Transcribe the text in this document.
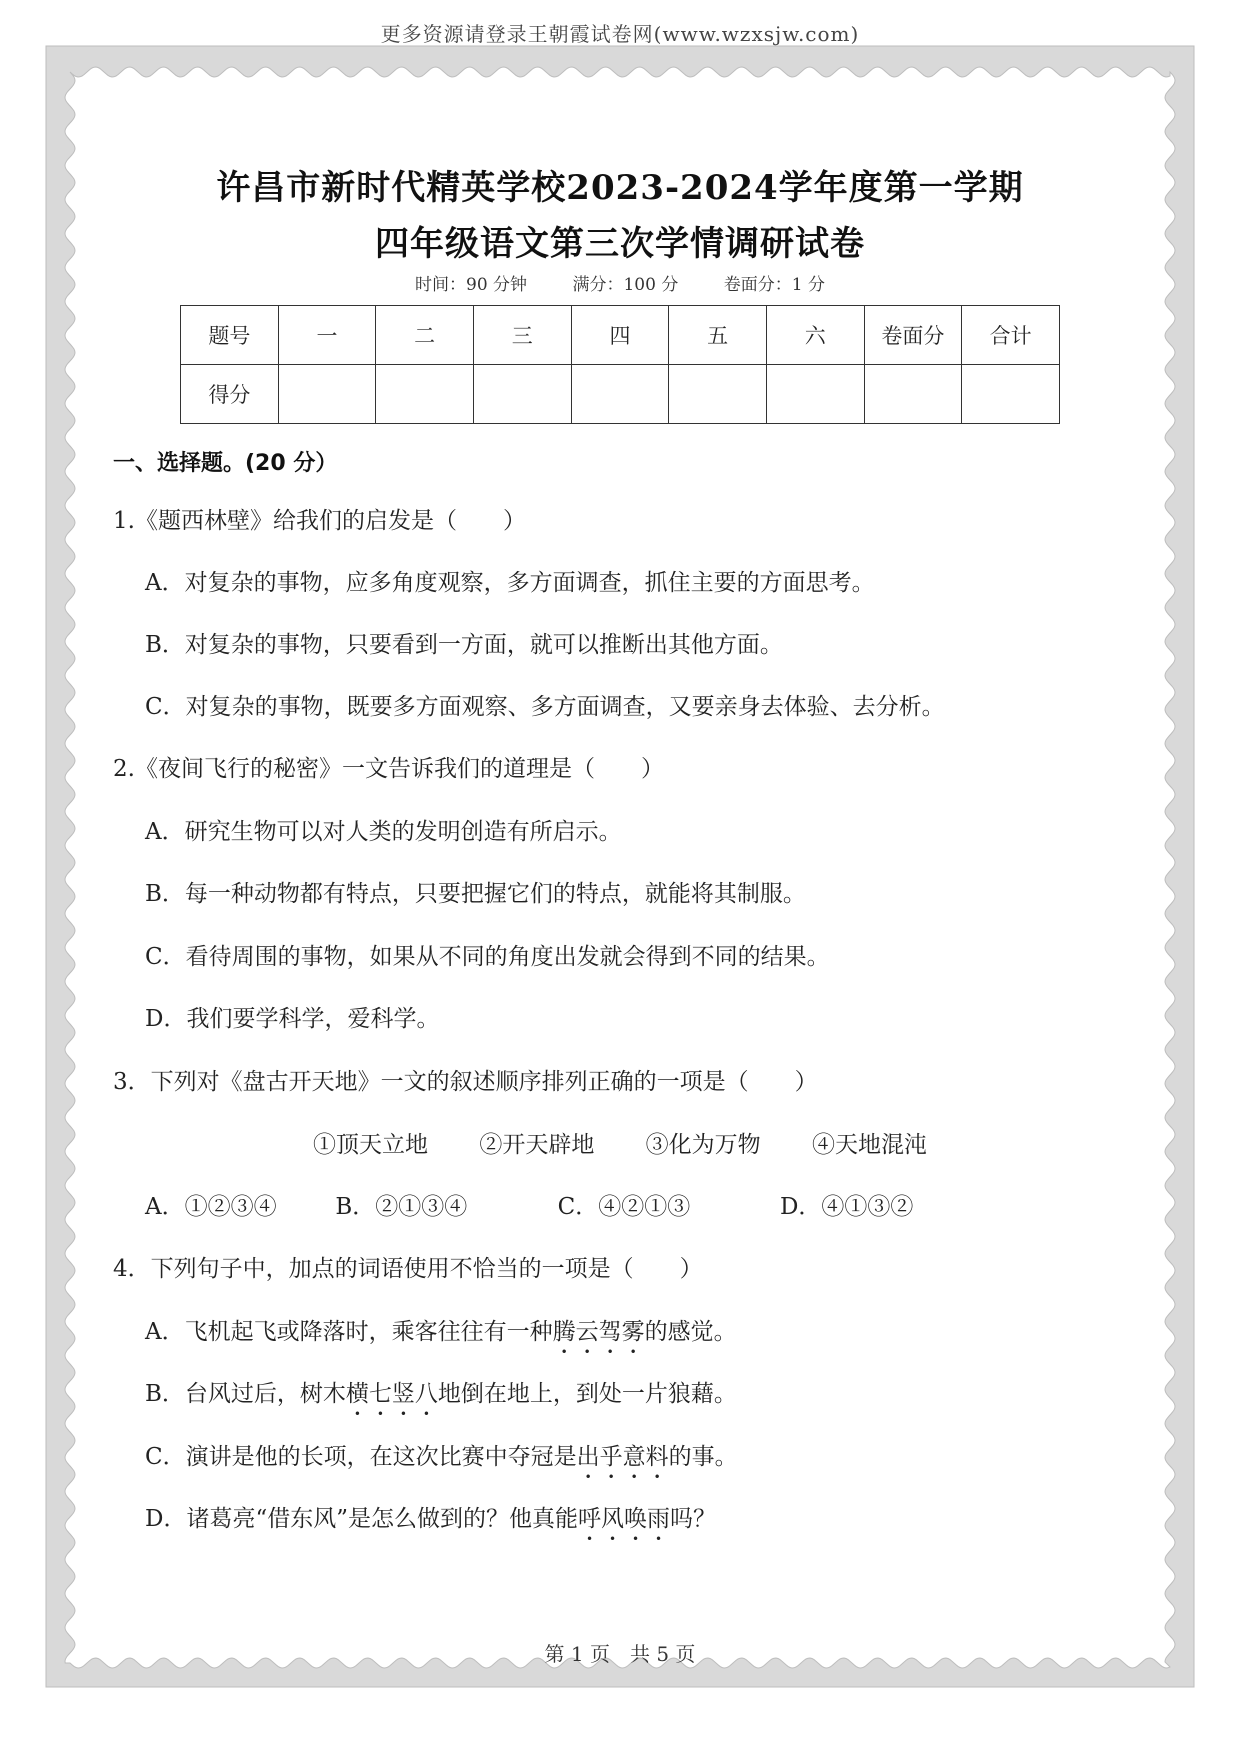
更多资源请登录王朝霞试卷网(www.wzxsjw.com)
许昌市新时代精英学校2023-2024学年度第一学期
四年级语文第三次学情调研试卷
时间：90 分钟	满分：100 分	卷面分：1 分
题号	一	二	三	四	五	六	卷面分	合计
得分								
一、选择题。(20 分）
1.《题西林壁》给我们的启发是（　　）
A．对复杂的事物，应多角度观察，多方面调查，抓住主要的方面思考。
B．对复杂的事物，只要看到一方面，就可以推断出其他方面。
C．对复杂的事物，既要多方面观察、多方面调查，又要亲身去体验、去分析。
2.《夜间飞行的秘密》一文告诉我们的道理是（　　）
A．研究生物可以对人类的发明创造有所启示。
B．每一种动物都有特点，只要把握它们的特点，就能将其制服。
C．看待周围的事物，如果从不同的角度出发就会得到不同的结果。
D．我们要学科学，爱科学。
3．下列对《盘古开天地》一文的叙述顺序排列正确的一项是（　　）
①顶天立地 ②开天辟地 ③化为万物 ④天地混沌
A．①②③④	B．②①③④	C．④②①③	D．④①③②
4．下列句子中，加点的词语使用不恰当的一项是（　　）
A．飞机起飞或降落时，乘客往往有一种腾云驾雾的感觉。
B．台风过后，树木横七竖八地倒在地上，到处一片狼藉。
C．演讲是他的长项，在这次比赛中夺冠是出乎意料的事。
D．诸葛亮“借东风”是怎么做到的？他真能呼风唤雨吗？
第 1 页　共 5 页
